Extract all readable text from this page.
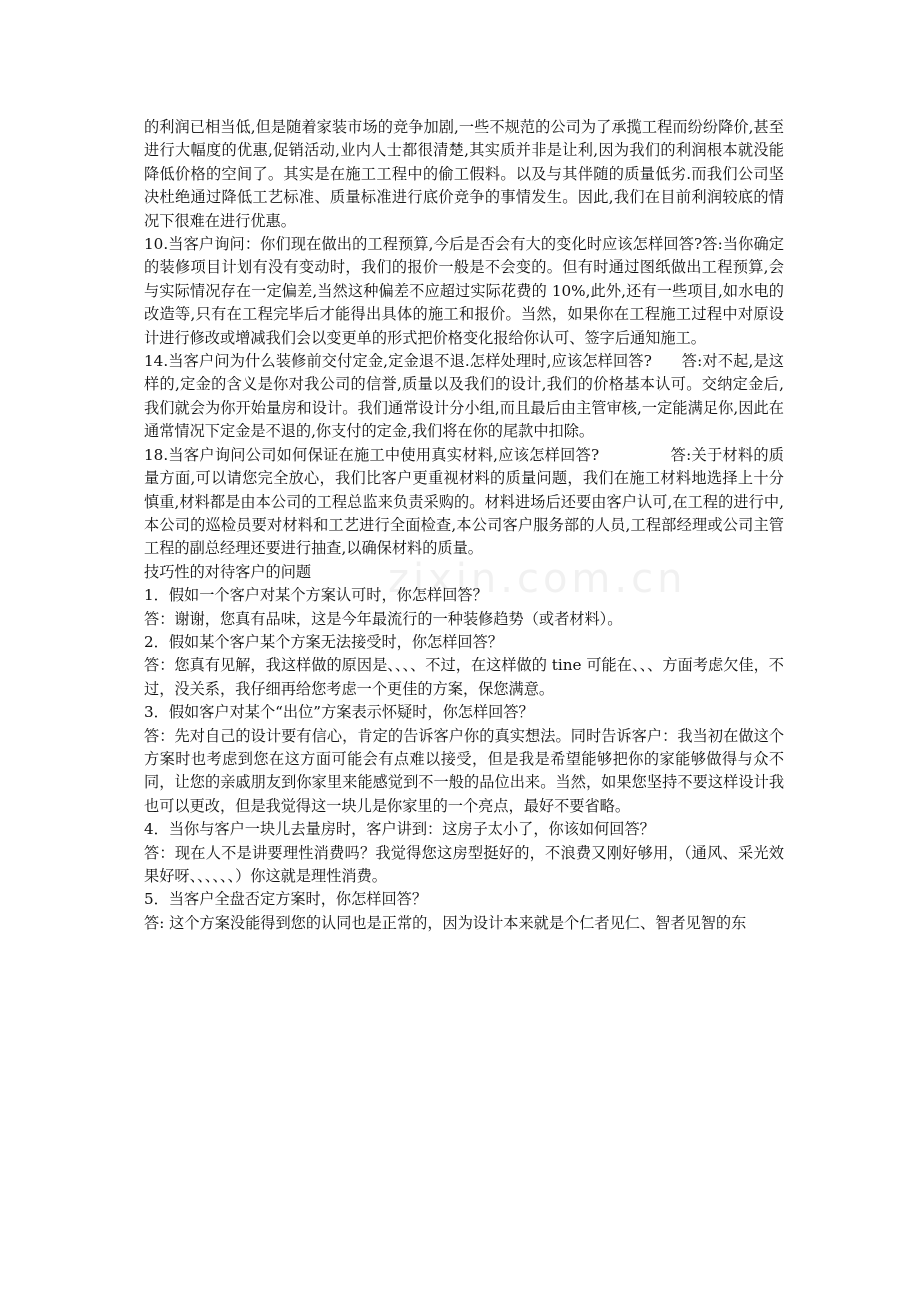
zixin.com.cn

的利润已相当低,但是随着家装市场的竞争加剧,一些不规范的公司为了承揽工程而纷纷降价,甚至进行大幅度的优惠,促销活动,业内人士都很清楚,其实质并非是让利,因为我们的利润根本就没能降低价格的空间了。其实是在施工工程中的偷工假料。以及与其伴随的质量低劣.而我们公司坚决杜绝通过降低工艺标准、质量标准进行底价竞争的事情发生。因此,我们在目前利润较底的情况下很难在进行优惠。

10.当客户询问：你们现在做出的工程预算,今后是否会有大的变化时应该怎样回答?答:当你确定的装修项目计划有没有变动时，我们的报价一般是不会变的。但有时通过图纸做出工程预算,会与实际情况存在一定偏差,当然这种偏差不应超过实际花费的 10%,此外,还有一些项目,如水电的改造等,只有在工程完毕后才能得出具体的施工和报价。当然，如果你在工程施工过程中对原设计进行修改或增减我们会以变更单的形式把价格变化报给你认可、签字后通知施工。

14.当客户问为什么装修前交付定金,定金退不退.怎样处理时,应该怎样回答?      答:对不起,是这样的,定金的含义是你对我公司的信誉,质量以及我们的设计,我们的价格基本认可。交纳定金后,我们就会为你开始量房和设计。我们通常设计分小组,而且最后由主管审核,一定能满足你,因此在通常情况下定金是不退的,你支付的定金,我们将在你的尾款中扣除。

18.当客户询问公司如何保证在施工中使用真实材料,应该怎样回答?              答:关于材料的质量方面,可以请您完全放心，我们比客户更重视材料的质量问题，我们在施工材料地选择上十分慎重,材料都是由本公司的工程总监来负责采购的。材料进场后还要由客户认可,在工程的进行中,本公司的巡检员要对材料和工艺进行全面检查,本公司客户服务部的人员,工程部经理或公司主管工程的副总经理还要进行抽查,以确保材料的质量。

技巧性的对待客户的问题

1．假如一个客户对某个方案认可时，你怎样回答？

答：谢谢，您真有品味，这是今年最流行的一种装修趋势（或者材料）。

2．假如某个客户某个方案无法接受时，你怎样回答？

答：您真有见解，我这样做的原因是、、、、不过，在这样做的 tine 可能在、、、方面考虑欠佳，不过，没关系，我仔细再给您考虑一个更佳的方案，保您满意。

3．假如客户对某个“出位”方案表示怀疑时，你怎样回答？

答：先对自己的设计要有信心，肯定的告诉客户你的真实想法。同时告诉客户：我当初在做这个方案时也考虑到您在这方面可能会有点难以接受，但是我是希望能够把你的家能够做得与众不同，让您的亲戚朋友到你家里来能感觉到不一般的品位出来。当然，如果您坚持不要这样设计我也可以更改，但是我觉得这一块儿是你家里的一个亮点，最好不要省略。

4．当你与客户一块儿去量房时，客户讲到：这房子太小了，你该如何回答？

答：现在人不是讲要理性消费吗？我觉得您这房型挺好的，不浪费又刚好够用，（通风、采光效果好呀、、、、、、）你这就是理性消费。

5．当客户全盘否定方案时，你怎样回答？

答: 这个方案没能得到您的认同也是正常的，因为设计本来就是个仁者见仁、智者见智的东
